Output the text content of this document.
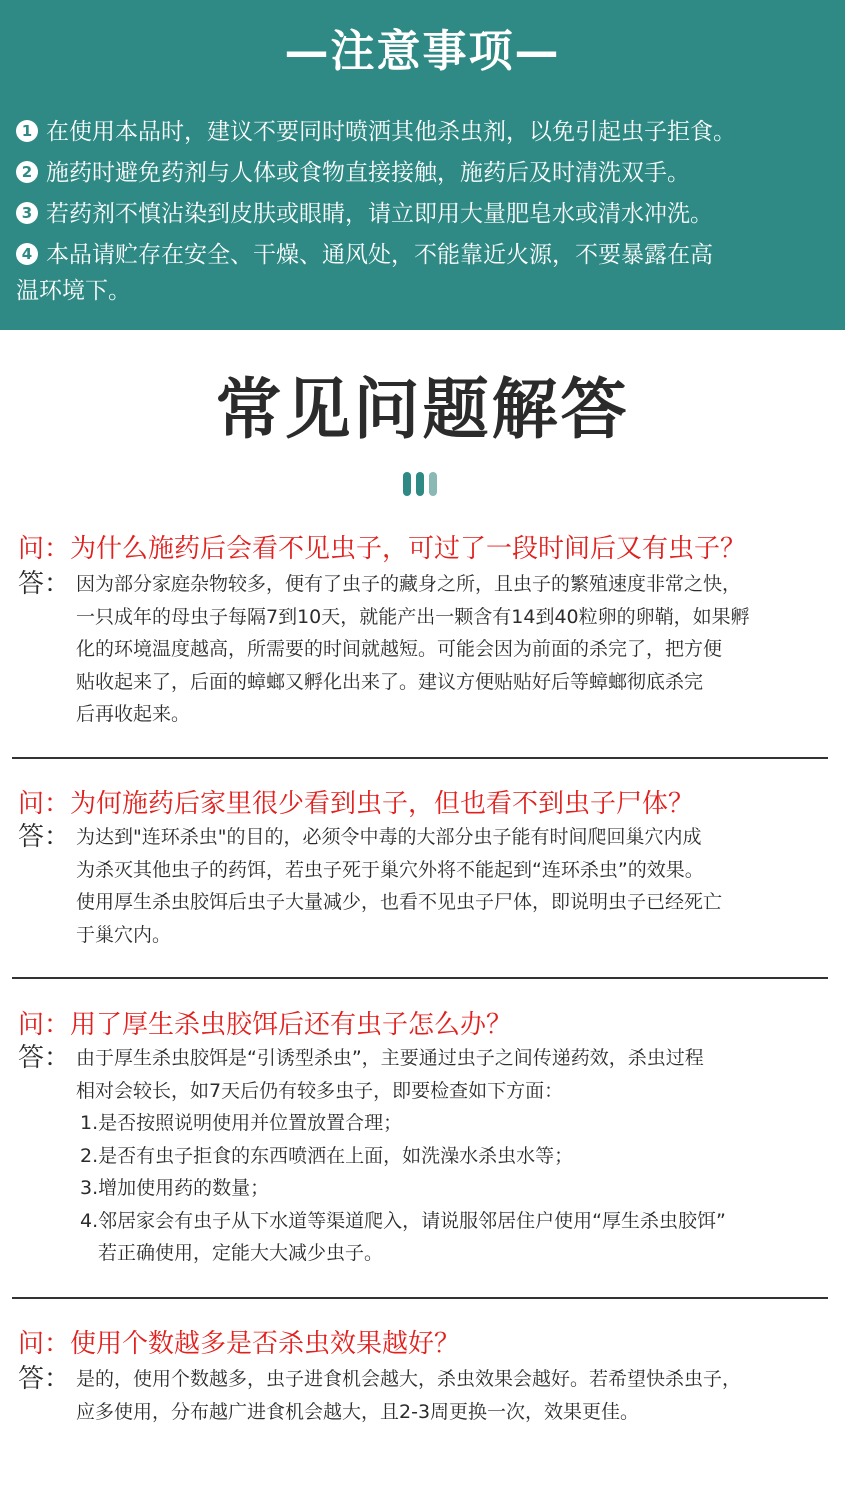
—注意事项—
1 在使用本品时，建议不要同时喷洒其他杀虫剂，以免引起虫子拒食。
2 施药时避免药剂与人体或食物直接接触，施药后及时清洗双手。
3 若药剂不慎沾染到皮肤或眼睛，请立即用大量肥皂水或清水冲洗。
4 本品请贮存在安全、干燥、通风处，不能靠近火源，不要暴露在高
温环境下。
常见问题解答
问：为什么施药后会看不见虫子，可过了一段时间后又有虫子？
答： 因为部分家庭杂物较多，便有了虫子的藏身之所，且虫子的繁殖速度非常之快，

一只成年的母虫子每隔7到10天，就能产出一颗含有14到40粒卵的卵鞘，如果孵

化的环境温度越高，所需要的时间就越短。可能会因为前面的杀完了，把方便

贴收起来了，后面的蟑螂又孵化出来了。建议方便贴贴好后等蟑螂彻底杀完

后再收起来。

问：为何施药后家里很少看到虫子，但也看不到虫子尸体？
答： 为达到"连环杀虫"的目的，必须令中毒的大部分虫子能有时间爬回巢穴内成

为杀灭其他虫子的药饵，若虫子死于巢穴外将不能起到“连环杀虫”的效果。

使用厚生杀虫胶饵后虫子大量减少，也看不见虫子尸体，即说明虫子已经死亡

于巢穴内。

问：用了厚生杀虫胶饵后还有虫子怎么办？
答： 由于厚生杀虫胶饵是“引诱型杀虫”，主要通过虫子之间传递药效，杀虫过程

相对会较长，如7天后仍有较多虫子，即要检查如下方面：

1.是否按照说明使用并位置放置合理；

2.是否有虫子拒食的东西喷洒在上面，如洗澡水杀虫水等；

3.增加使用药的数量；

4.邻居家会有虫子从下水道等渠道爬入，请说服邻居住户使用“厚生杀虫胶饵”

若正确使用，定能大大减少虫子。

问：使用个数越多是否杀虫效果越好？
答： 是的，使用个数越多，虫子进食机会越大，杀虫效果会越好。若希望快杀虫子，

应多使用，分布越广进食机会越大，且2-3周更换一次，效果更佳。
